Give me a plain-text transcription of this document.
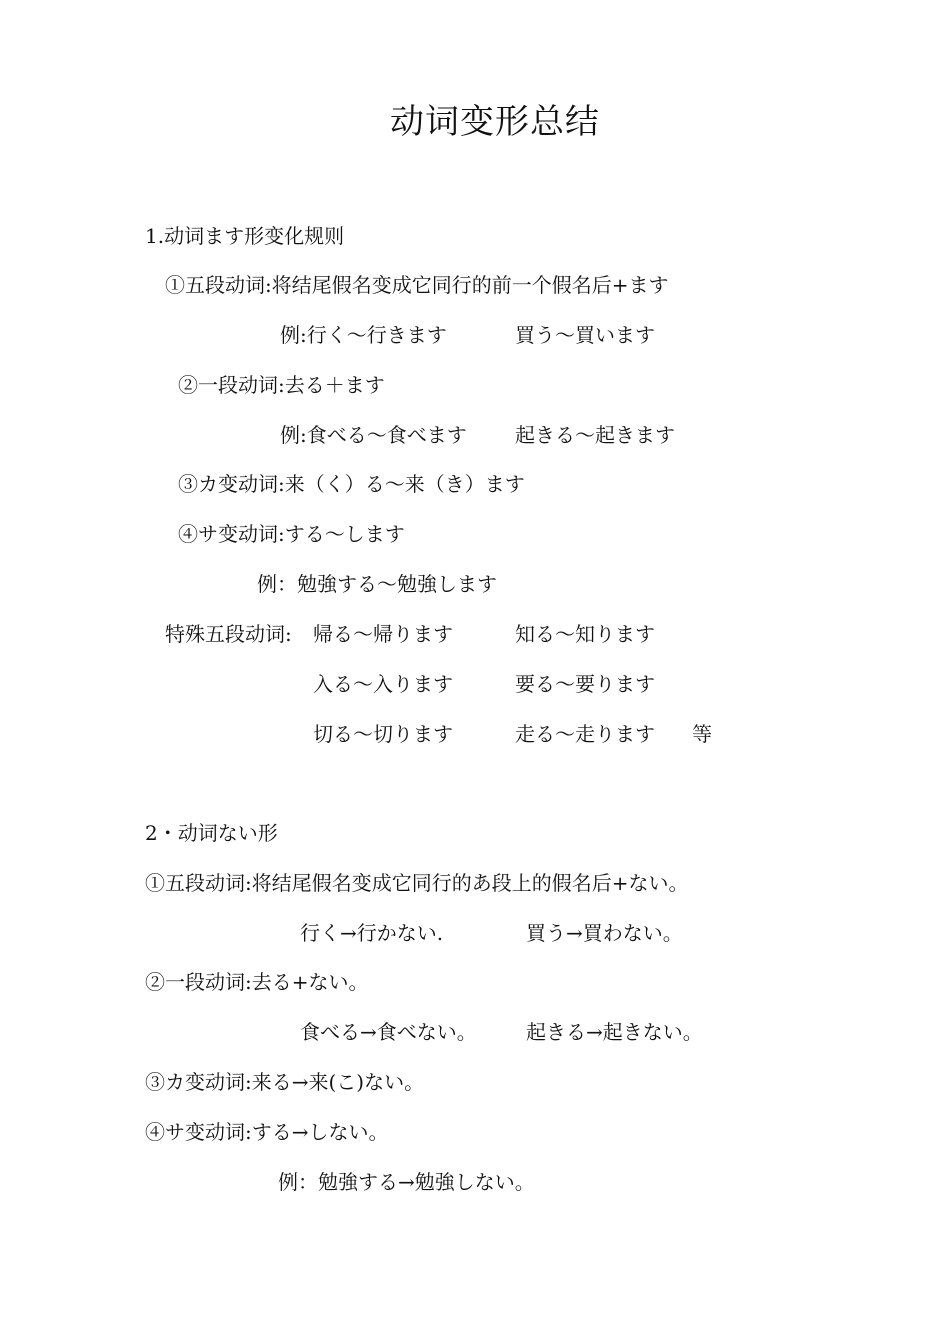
动词变形总结
1.动词ます形变化规则
①五段动词:将结尾假名变成它同行的前一个假名后+ます
例:行く～行きます	買う～買います
②一段动词:去る＋ます
例:食べる～食べます 起きる～起きます
③カ变动词:来（く）る～来（き）ます
④サ变动词:する～します
例：勉強する～勉強します
特殊五段动词: 帰る～帰ります	知る～知ります
入る～入ります	要る～要ります
切る～切ります	走る～走ります 等
2・动词ない形
①五段动词:将结尾假名变成它同行的あ段上的假名后+ない。
行く→行かない.	買う→買わない。
②一段动词:去る+ない。
食べる→食べない。 起きる→起きない。
③カ变动词:来る→来(こ)ない。
④サ变动词:する→しない。
例：勉強する→勉強しない。
